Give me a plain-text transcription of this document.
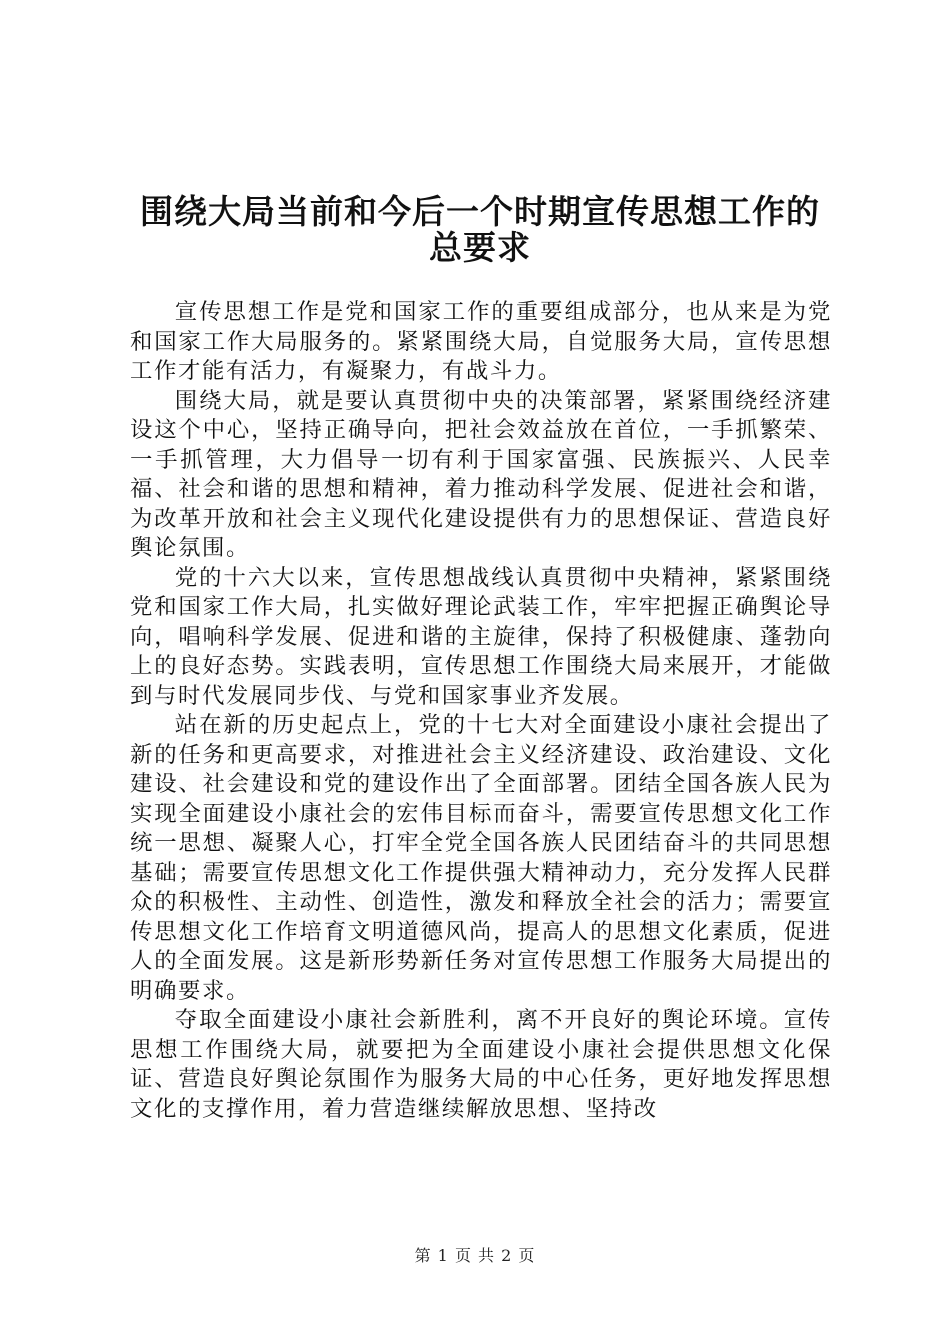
围绕大局当前和今后一个时期宣传思想工作的
总要求

宣传思想工作是党和国家工作的重要组成部分，也从来是为党和国家工作大局服务的。紧紧围绕大局，自觉服务大局，宣传思想工作才能有活力，有凝聚力，有战斗力。

围绕大局，就是要认真贯彻中央的决策部署，紧紧围绕经济建设这个中心，坚持正确导向，把社会效益放在首位，一手抓繁荣、一手抓管理，大力倡导一切有利于国家富强、民族振兴、人民幸福、社会和谐的思想和精神，着力推动科学发展、促进社会和谐，为改革开放和社会主义现代化建设提供有力的思想保证、营造良好舆论氛围。

党的十六大以来，宣传思想战线认真贯彻中央精神，紧紧围绕党和国家工作大局，扎实做好理论武装工作，牢牢把握正确舆论导向，唱响科学发展、促进和谐的主旋律，保持了积极健康、蓬勃向上的良好态势。实践表明，宣传思想工作围绕大局来展开，才能做到与时代发展同步伐、与党和国家事业齐发展。

站在新的历史起点上，党的十七大对全面建设小康社会提出了新的任务和更高要求，对推进社会主义经济建设、政治建设、文化建设、社会建设和党的建设作出了全面部署。团结全国各族人民为实现全面建设小康社会的宏伟目标而奋斗，需要宣传思想文化工作统一思想、凝聚人心，打牢全党全国各族人民团结奋斗的共同思想基础；需要宣传思想文化工作提供强大精神动力，充分发挥人民群众的积极性、主动性、创造性，激发和释放全社会的活力；需要宣传思想文化工作培育文明道德风尚，提高人的思想文化素质，促进人的全面发展。这是新形势新任务对宣传思想工作服务大局提出的明确要求。

夺取全面建设小康社会新胜利，离不开良好的舆论环境。宣传思想工作围绕大局，就要把为全面建设小康社会提供思想文化保证、营造良好舆论氛围作为服务大局的中心任务，更好地发挥思想文化的支撑作用，着力营造继续解放思想、坚持改

第 1 页 共 2 页
